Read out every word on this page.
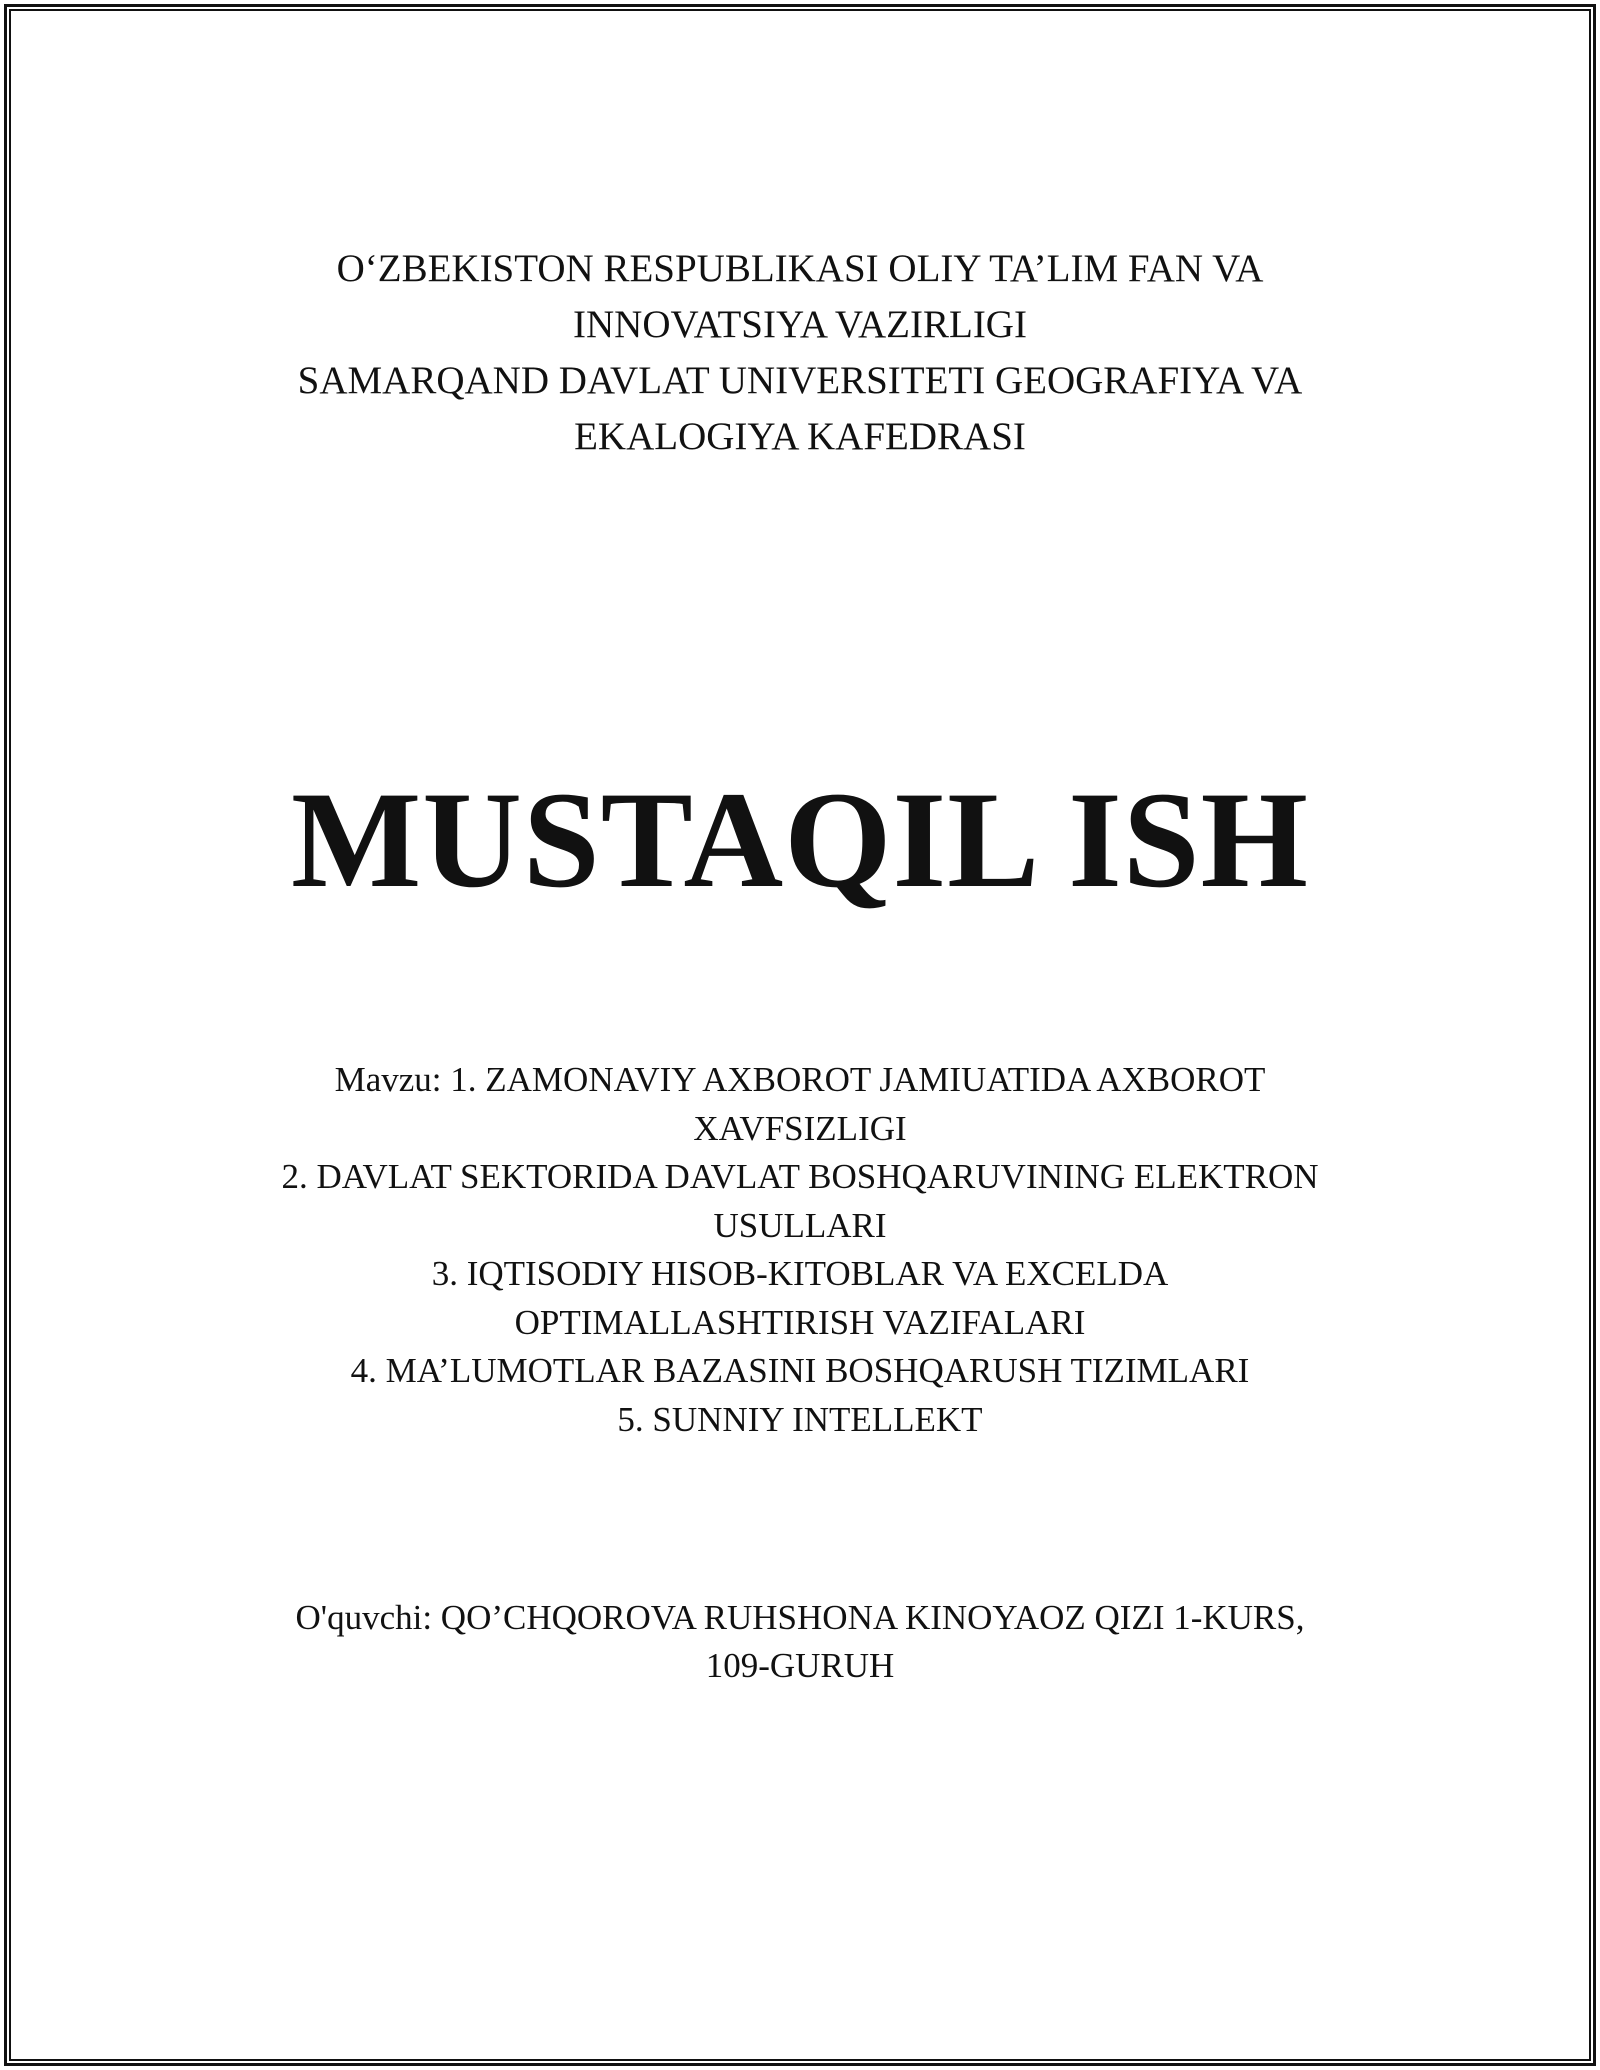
O‘ZBEKISTON RESPUBLIKASI OLIY TA’LIM FAN VA
INNOVATSIYA VAZIRLIGI
SAMARQAND DAVLAT UNIVERSITETI GEOGRAFIYA VA
EKALOGIYA KAFEDRASI
MUSTAQIL ISH
Mavzu: 1. ZAMONAVIY AXBOROT JAMIUATIDA AXBOROT
XAVFSIZLIGI
2. DAVLAT SEKTORIDA DAVLAT BOSHQARUVINING ELEKTRON
USULLARI
3. IQTISODIY HISOB-KITOBLAR VA EXCELDA
OPTIMALLASHTIRISH VAZIFALARI
4. MA’LUMOTLAR BAZASINI BOSHQARUSH TIZIMLARI
5. SUNNIY INTELLEKT
O'quvchi: QO’CHQOROVA RUHSHONA KINOYAOZ QIZI 1-KURS,
109-GURUH
